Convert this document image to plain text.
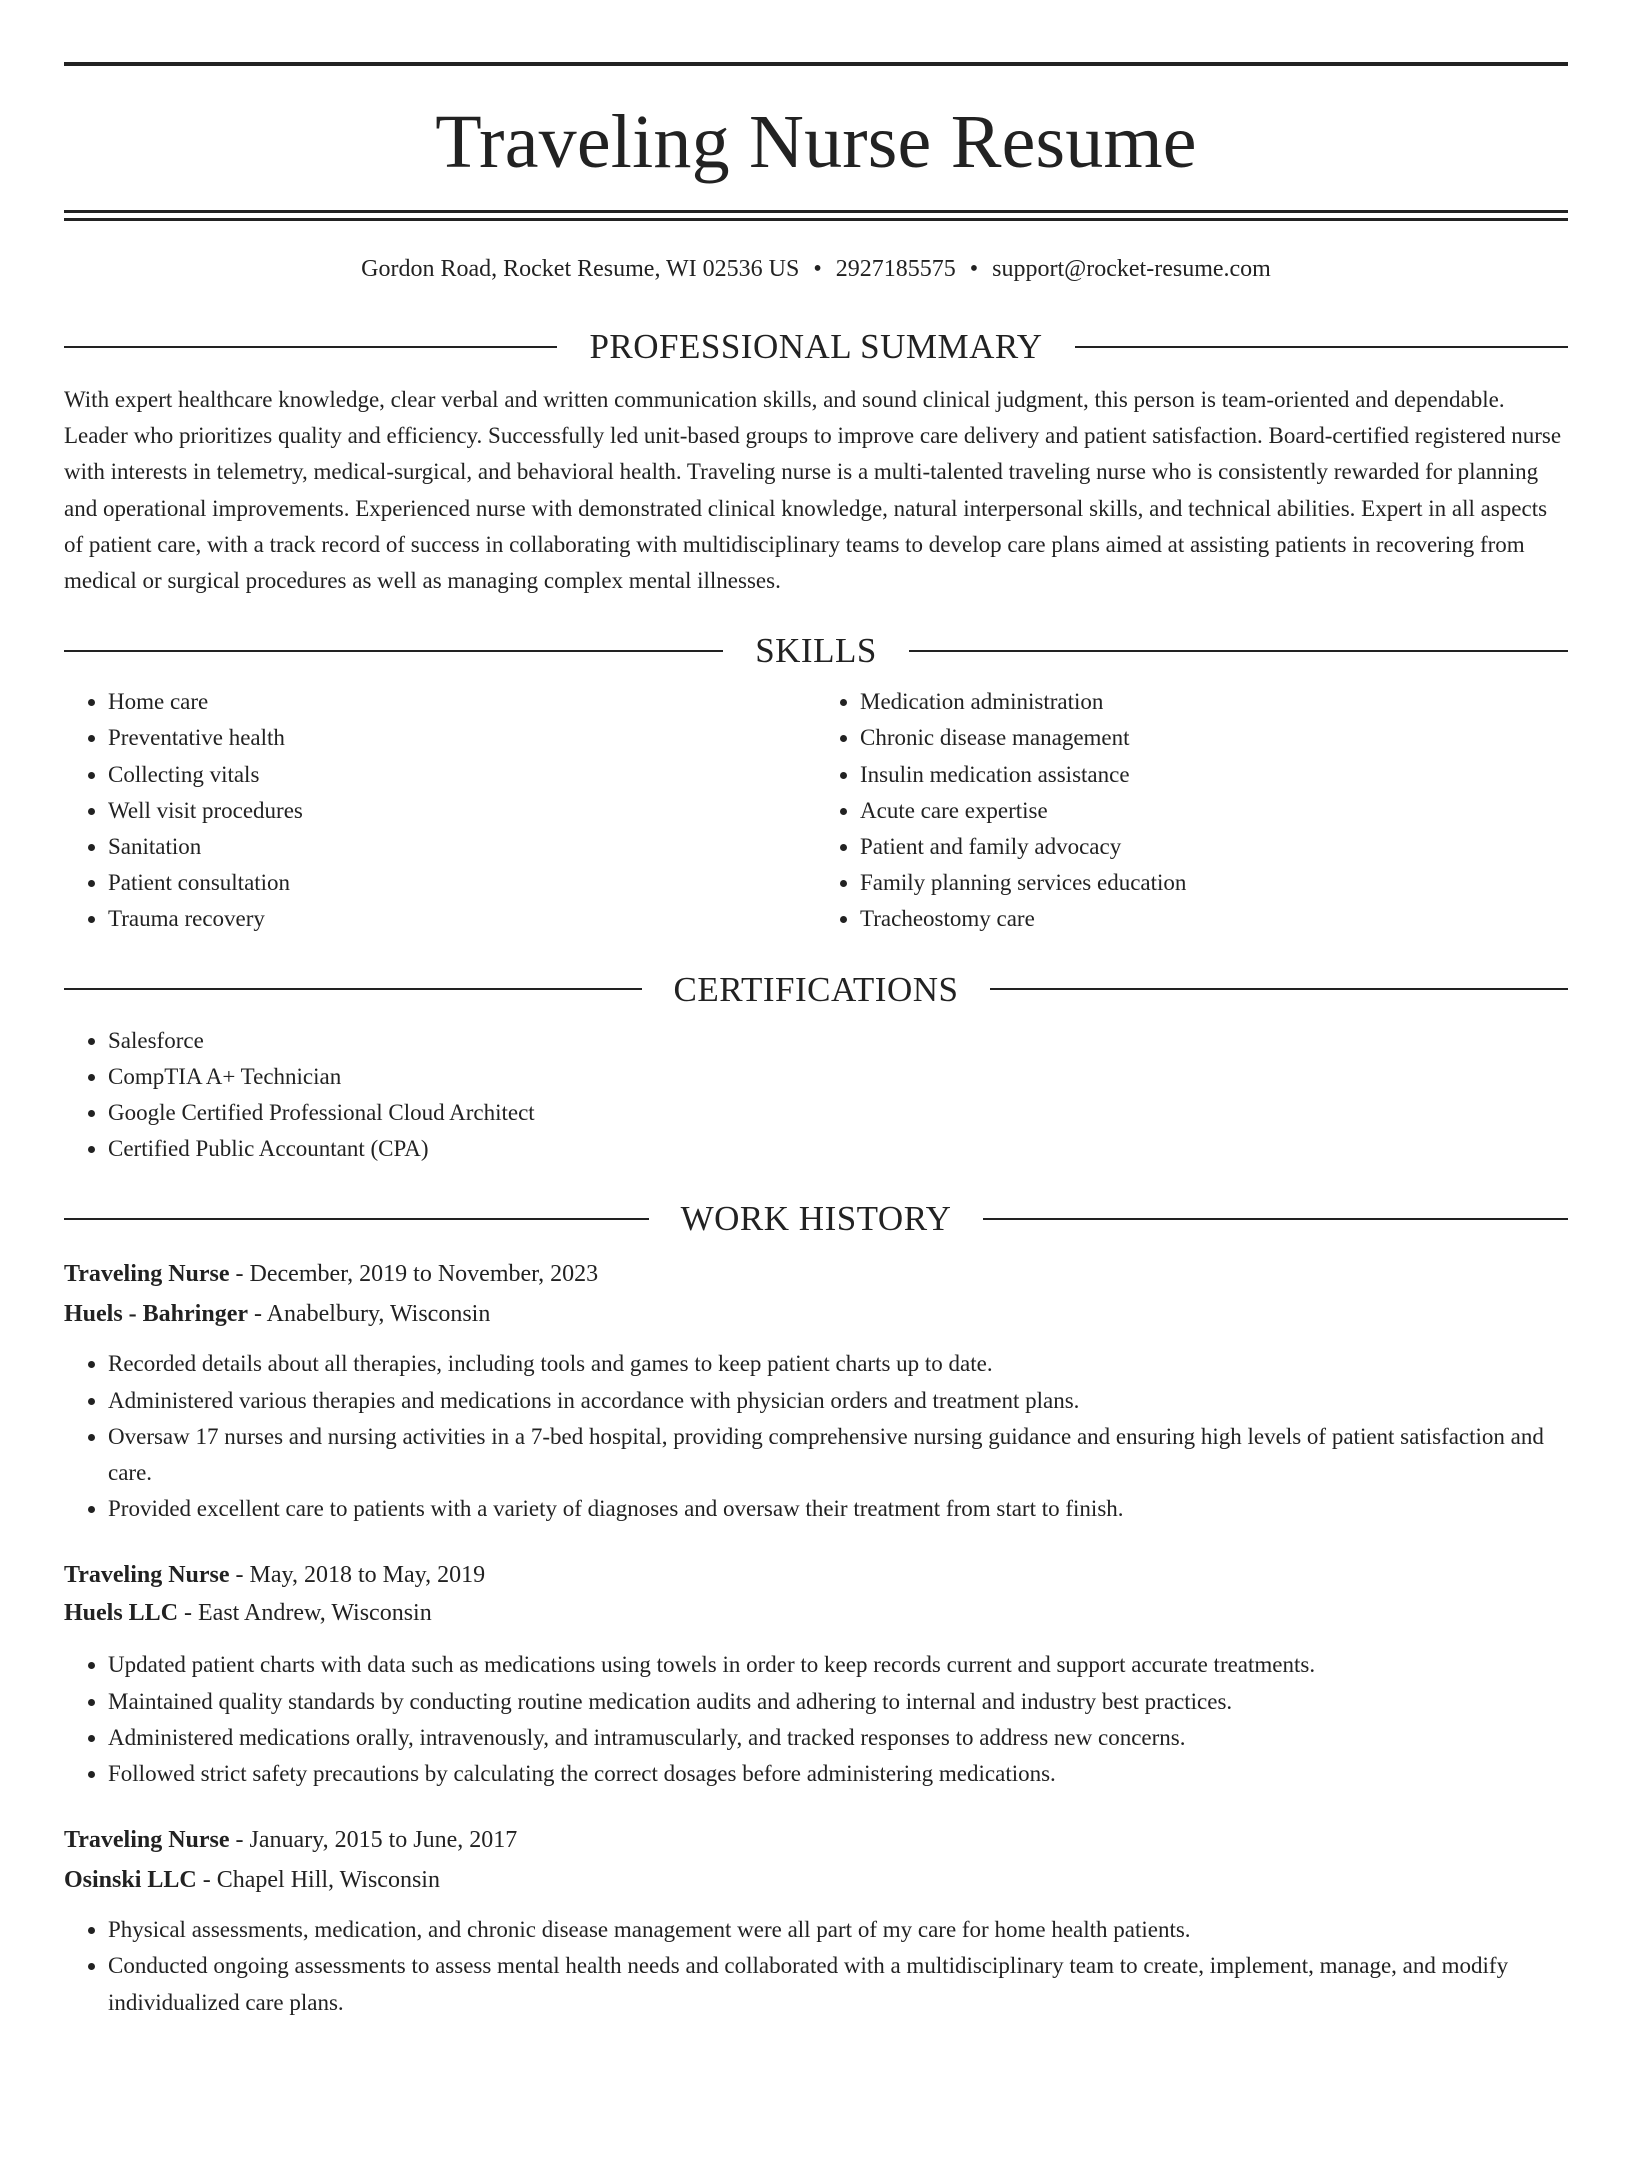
Traveling Nurse Resume
Gordon Road, Rocket Resume, WI 02536 US • 2927185575 • support@rocket-resume.com
PROFESSIONAL SUMMARY

With expert healthcare knowledge, clear verbal and written communication skills, and sound clinical judgment, this person is team-oriented and dependable. Leader who prioritizes quality and efficiency. Successfully led unit-based groups to improve care delivery and patient satisfaction. Board-certified registered nurse with interests in telemetry, medical-surgical, and behavioral health. Traveling nurse is a multi-talented traveling nurse who is consistently rewarded for planning and operational improvements. Experienced nurse with demonstrated clinical knowledge, natural interpersonal skills, and technical abilities. Expert in all aspects of patient care, with a track record of success in collaborating with multidisciplinary teams to develop care plans aimed at assisting patients in recovering from medical or surgical procedures as well as managing complex mental illnesses.

SKILLS
• Home care
• Preventative health
• Collecting vitals
• Well visit procedures
• Sanitation
• Patient consultation
• Trauma recovery
• Medication administration
• Chronic disease management
• Insulin medication assistance
• Acute care expertise
• Patient and family advocacy
• Family planning services education
• Tracheostomy care
CERTIFICATIONS
• Salesforce
• CompTIA A+ Technician
• Google Certified Professional Cloud Architect
• Certified Public Accountant (CPA)
WORK HISTORY
Traveling Nurse - December, 2019 to November, 2023
Huels - Bahringer - Anabelbury, Wisconsin
• Recorded details about all therapies, including tools and games to keep patient charts up to date.
• Administered various therapies and medications in accordance with physician orders and treatment plans.
• Oversaw 17 nurses and nursing activities in a 7-bed hospital, providing comprehensive nursing guidance and ensuring high levels of patient satisfaction and care.
• Provided excellent care to patients with a variety of diagnoses and oversaw their treatment from start to finish.
Traveling Nurse - May, 2018 to May, 2019
Huels LLC - East Andrew, Wisconsin
• Updated patient charts with data such as medications using towels in order to keep records current and support accurate treatments.
• Maintained quality standards by conducting routine medication audits and adhering to internal and industry best practices.
• Administered medications orally, intravenously, and intramuscularly, and tracked responses to address new concerns.
• Followed strict safety precautions by calculating the correct dosages before administering medications.
Traveling Nurse - January, 2015 to June, 2017
Osinski LLC - Chapel Hill, Wisconsin
• Physical assessments, medication, and chronic disease management were all part of my care for home health patients.
• Conducted ongoing assessments to assess mental health needs and collaborated with a multidisciplinary team to create, implement, manage, and modify individualized care plans.
